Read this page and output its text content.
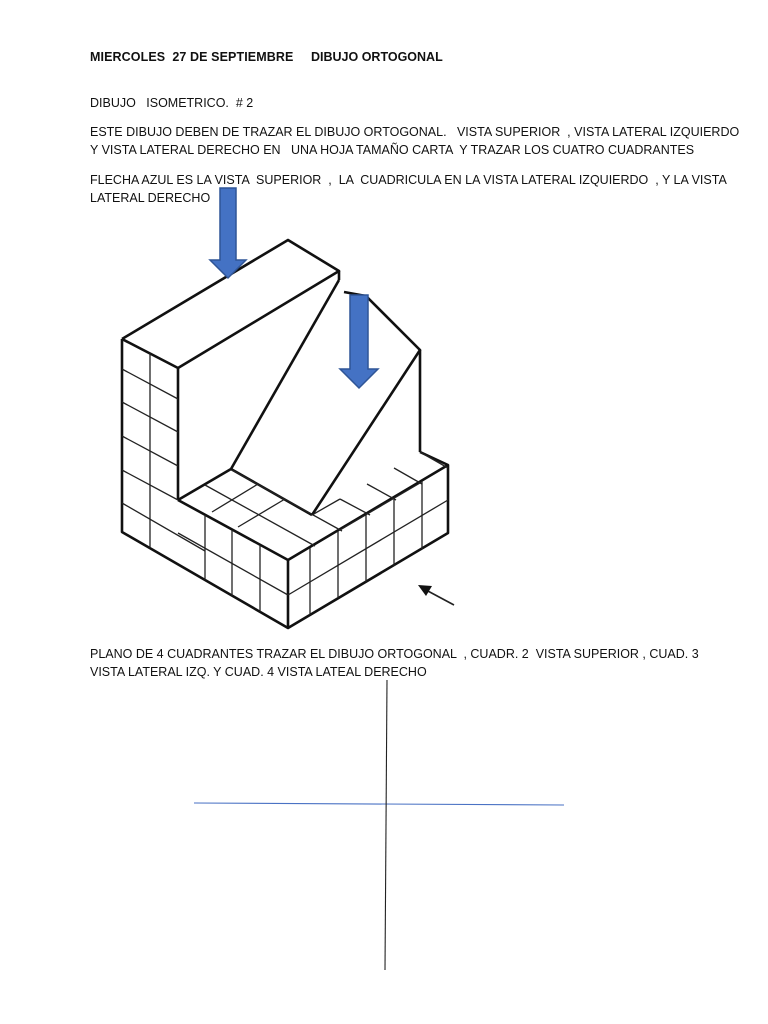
MIERCOLES  27 DE SEPTIEMBRE DIBUJO ORTOGONAL
DIBUJO   ISOMETRICO.  # 2
ESTE DIBUJO DEBEN DE TRAZAR EL DIBUJO ORTOGONAL.   VISTA SUPERIOR  , VISTA LATERAL IZQUIERDO
Y VISTA LATERAL DERECHO EN   UNA HOJA TAMAÑO CARTA  Y TRAZAR LOS CUATRO CUADRANTES
FLECHA AZUL ES LA VISTA  SUPERIOR  ,  LA  CUADRICULA EN LA VISTA LATERAL IZQUIERDO  , Y LA VISTA
LATERAL DERECHO
PLANO DE 4 CUADRANTES TRAZAR EL DIBUJO ORTOGONAL  , CUADR. 2  VISTA SUPERIOR , CUAD. 3
VISTA LATERAL IZQ. Y CUAD. 4 VISTA LATEAL DERECHO
